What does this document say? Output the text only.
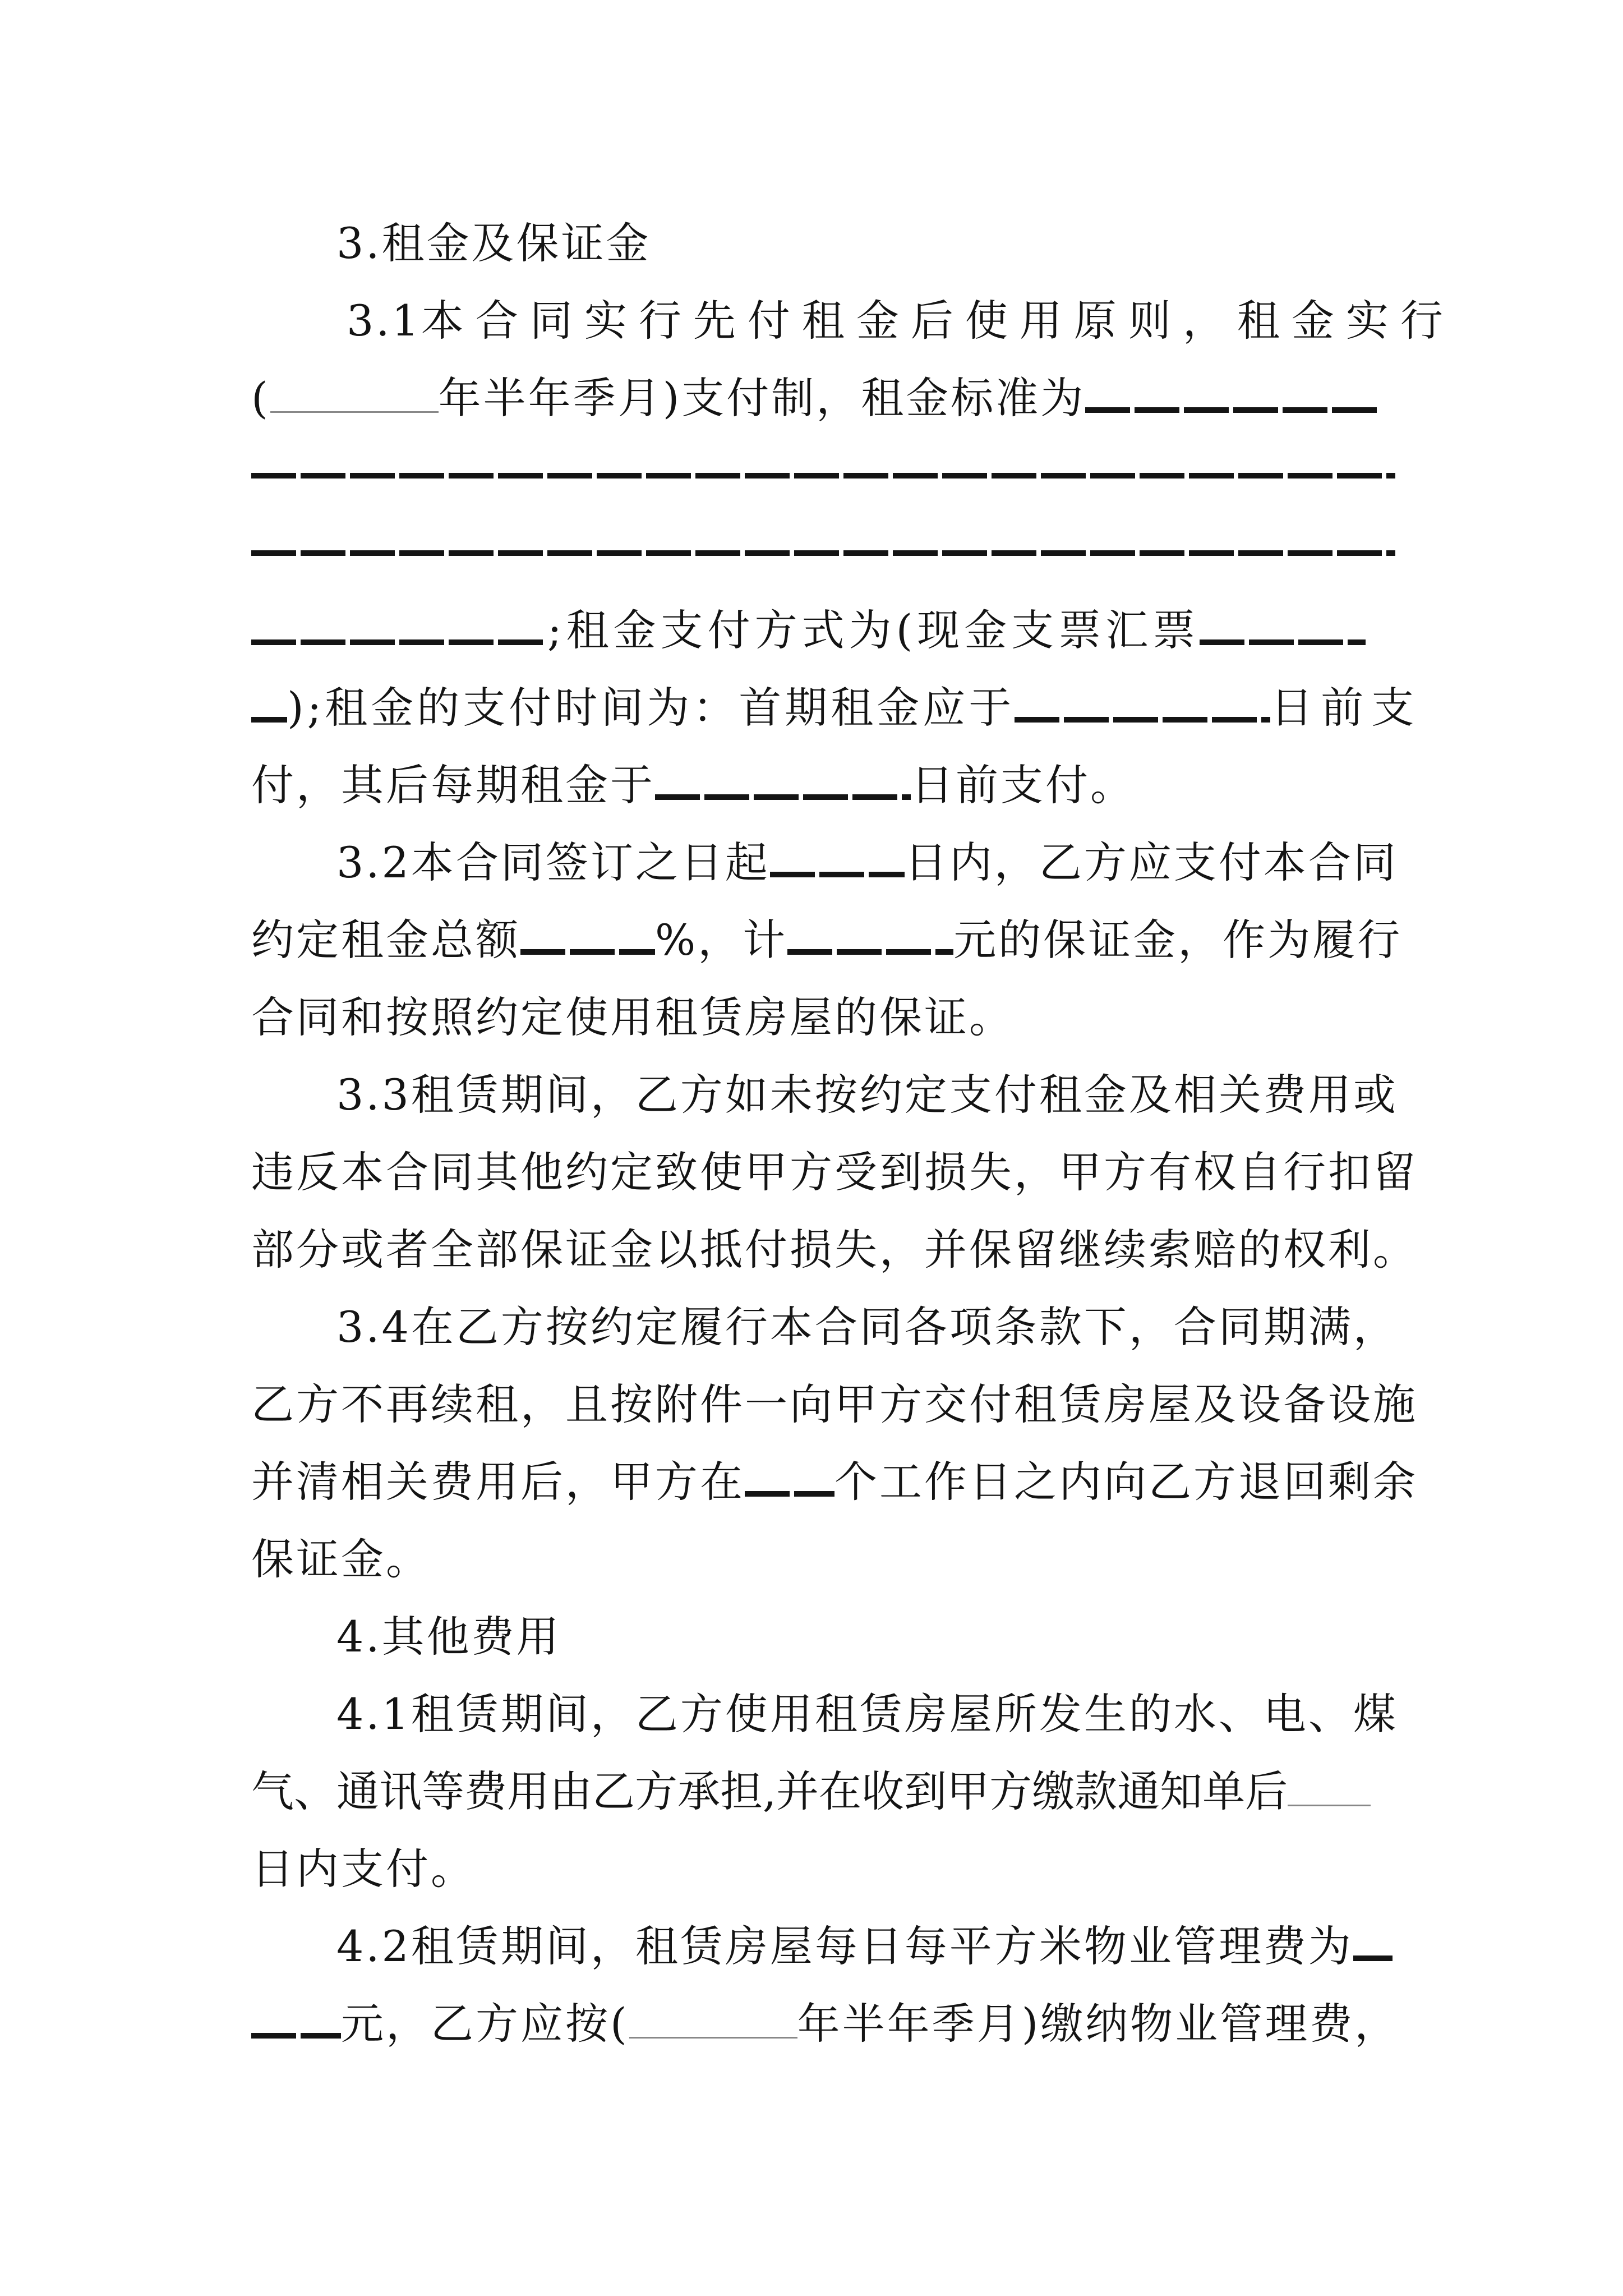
3.租金及保证金
3.1 本合同实行先付租金后使用原则，租金实行
(	年半年季月)支付制，租金标准为
;租金支付方式为(现金支票汇票
);租金的支付时间为：首期租金应于	日前支
付，其后每期租金于	日前支付。
3.2本合同签订之日起	日内，乙方应支付本合同
约定租金总额	%，计	元的保证金，作为履行
合同和按照约定使用租赁房屋的保证。
3.3租赁期间，乙方如未按约定支付租金及相关费用或
违反本合同其他约定致使甲方受到损失，甲方有权自行扣留
部分或者全部保证金以抵付损失，并保留继续索赔的权利。
3.4在乙方按约定履行本合同各项条款下，合同期满，
乙方不再续租，且按附件一向甲方交付租赁房屋及设备设施
并清相关费用后，甲方在 个工作日之内向乙方退回剩余
保证金。
4.其他费用
4.1租赁期间，乙方使用租赁房屋所发生的水、电、煤
气、通讯等费用由乙方承担,并在收到甲方缴款通知单后
日内支付。
4.2租赁期间，租赁房屋每日每平方米物业管理费为
元，乙方应按(	年半年季月)缴纳物业管理费，
